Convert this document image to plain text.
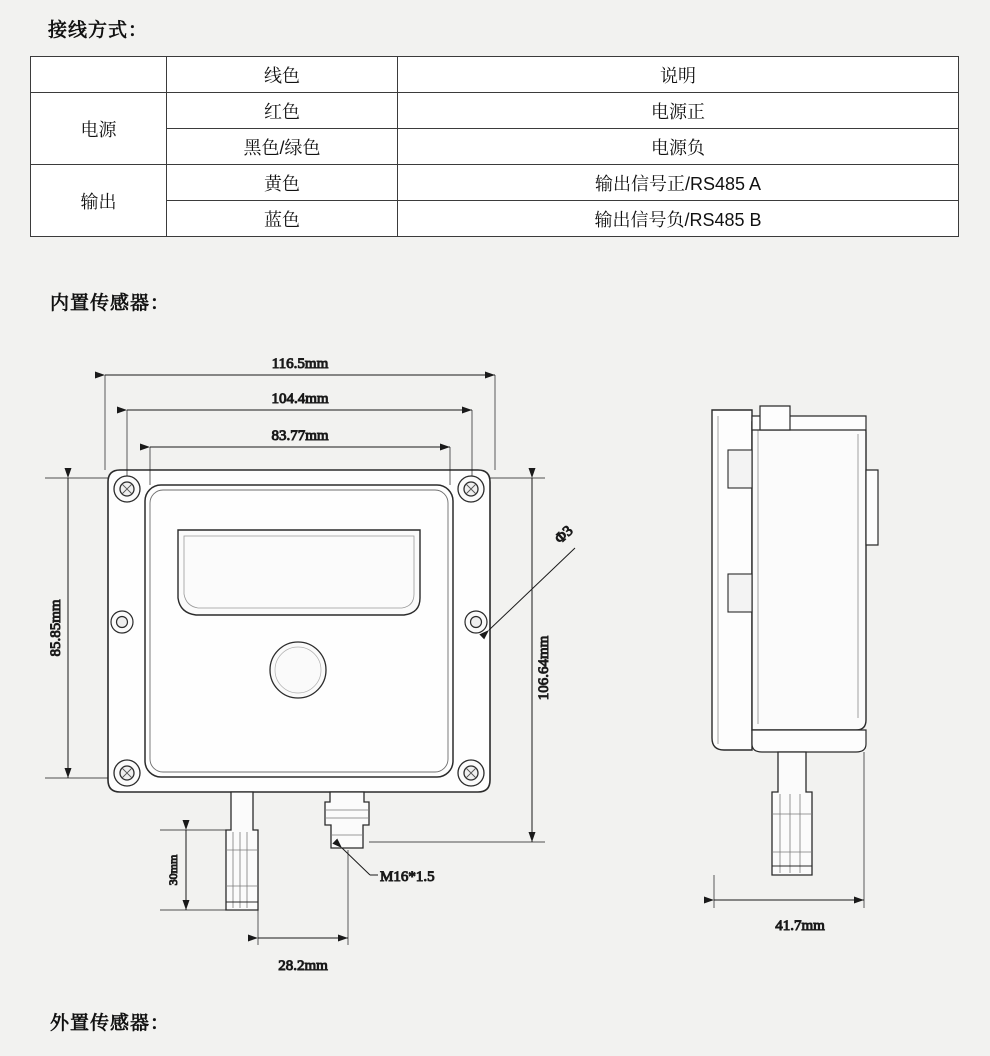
接线方式：
	线色	说明
电源	红色	电源正
	黑色/绿色	电源负
输出	黄色	输出信号正/RS485 A
	蓝色	输出信号负/RS485 B
内置传感器：
116.5mm
104.4mm
83.77mm
85.85mm
106.64mm
Φ3
30mm	M16*1.5
28.2mm
41.7mm
外置传感器：
